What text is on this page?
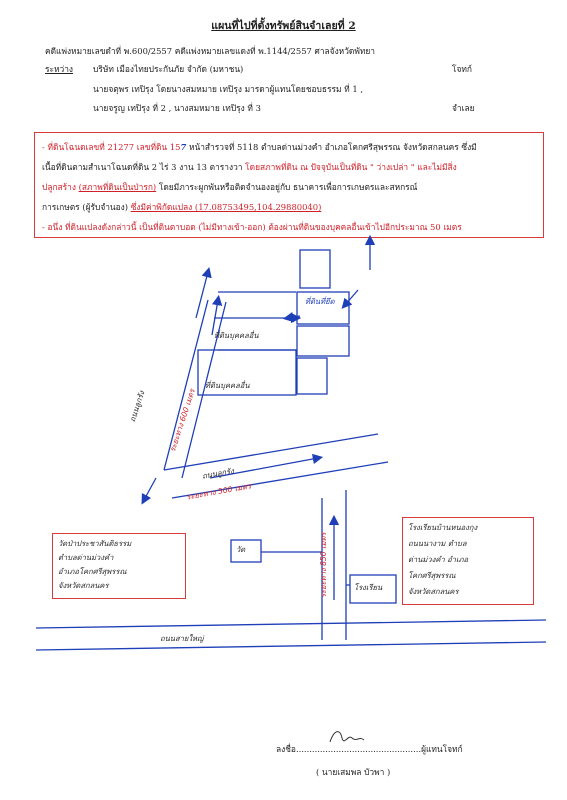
แผนที่ไปที่ตั้งทรัพย์สินจำเลยที่ 2
คดีแพ่งหมายเลขดำที่ พ.600/2557 คดีแพ่งหมายเลขแดงที่ พ.1144/2557 ศาลจังหวัดพัทยา
ระหว่าง บริษัท เมืองไทยประกันภัย จำกัด (มหาชน)	โจทก์
นายจตุพร เทปิรุง โดยนางสมหมาย เทปิรุง มารดาผู้แทนโดยชอบธรรม ที่ 1 ,
นายจรูญ เทปิรุง ที่ 2 , นางสมหมาย เทปิรุง ที่ 3	จำเลย
- ที่ดินโฉนดเลขที่ 21277 เลขที่ดิน 157 หน้าสำรวจที่ 5118 ตำบลด่านม่วงคำ อำเภอโคกศรีสุพรรณ จังหวัดสกลนคร ซึ่งมี
เนื้อที่ดินตามสำเนาโฉนดที่ดิน 2 ไร่ 3 งาน 13 ตารางวา โดยสภาพที่ดิน ณ ปัจจุบันเป็นที่ดิน " ว่างเปล่า " และไม่มีสิ่ง
ปลูกสร้าง (สภาพที่ดินเป็นป่ารก) โดยมีภาระผูกพันหรือติดจำนองอยู่กับ ธนาคารเพื่อการเกษตรและสหกรณ์
การเกษตร (ผู้รับจำนอง) ซึ่งมีค่าพิกัดแปลง (17.08753495,104.29880040)
- อนึ่ง ที่ดินแปลงดังกล่าวนี้ เป็นที่ดินตาบอด (ไม่มีทางเข้า-ออก) ต้องผ่านที่ดินของบุคคลอื่นเข้าไปอีกประมาณ 50 เมตร
ที่ดินที่ยึด
ที่ดินบุคคลอื่น
ที่ดินบุคคลอื่น
ถนนลูกรัง	ระยะทาง 600 เมตร
ถนนลูกรัง
ระยะทาง 500 เมตร
ระยะทาง 850 เมตร
วัด
โรงเรียน
วัดป่าประชาสันติธรรม
ตำบลด่านม่วงคำ
อำเภอโคกศรีสุพรรณ
จังหวัดสกลนคร
โรงเรียนบ้านหนองกุง
ถนนนางาม ตำบล
ด่านม่วงคำ อำเภอ
โคกศรีสุพรรณ
จังหวัดสกลนคร
ถนนสายใหญ่
ลงชื่อ...............................................ผู้แทนโจทก์
( นายเสมพล บัวพา )
